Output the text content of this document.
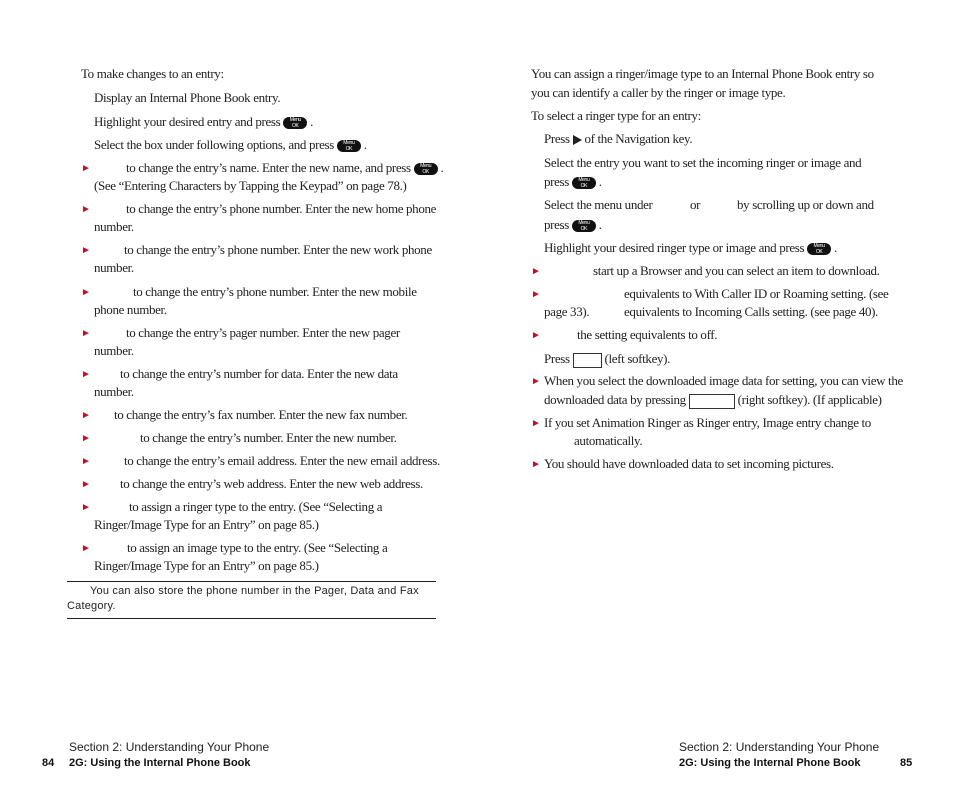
To make changes to an entry:
Display an Internal Phone Book entry.
Highlight your desired entry and press Menu
OK .
Select the box under following options, and press Menu
OK .
►	to change the entry’s name. Enter the new name, and press Menu
OK .
(See “Entering Characters by Tapping the Keypad” on page 78.)
►	to change the entry’s phone number. Enter the new home phone
number.
►	to change the entry’s phone number. Enter the new work phone
number.
►	to change the entry’s phone number. Enter the new mobile
phone number.
►	to change the entry’s pager number. Enter the new pager
number.
► to change the entry’s number for data. Enter the new data
number.
► to change the entry’s fax number. Enter the new fax number.
►	to change the entry’s number. Enter the new number.
►	to change the entry’s email address. Enter the new email address.
► to change the entry’s web address. Enter the new web address.
►	to assign a ringer type to the entry. (See “Selecting a
Ringer/Image Type for an Entry” on page 85.)
►	to assign an image type to the entry. (See “Selecting a
Ringer/Image Type for an Entry” on page 85.)
You can also store the phone number in the Pager, Data and Fax
Category.
Section 2: Understanding Your Phone
84 2G: Using the Internal Phone Book
You can assign a ringer/image type to an Internal Phone Book entry so
you can identify a caller by the ringer or image type.
To select a ringer type for an entry:
Press of the Navigation key.
Select the entry you want to set the incoming ringer or image and
press Menu
OK .
Select the menu under	or	by scrolling up or down and
press Menu
OK .
Highlight your desired ringer type or image and press Menu
OK .
►	start up a Browser and you can select an item to download.
►	equivalents to With Caller ID or Roaming setting. (see
page 33).	equivalents to Incoming Calls setting. (see page 40).
►	the setting equivalents to off.
Press	(left softkey).
► When you select the downloaded image data for setting, you can view the
downloaded data by pressing	(right softkey). (If applicable)
► If you set Animation Ringer as Ringer entry, Image entry change to
automatically.
► You should have downloaded data to set incoming pictures.
Section 2: Understanding Your Phone
2G: Using the Internal Phone Book	85
